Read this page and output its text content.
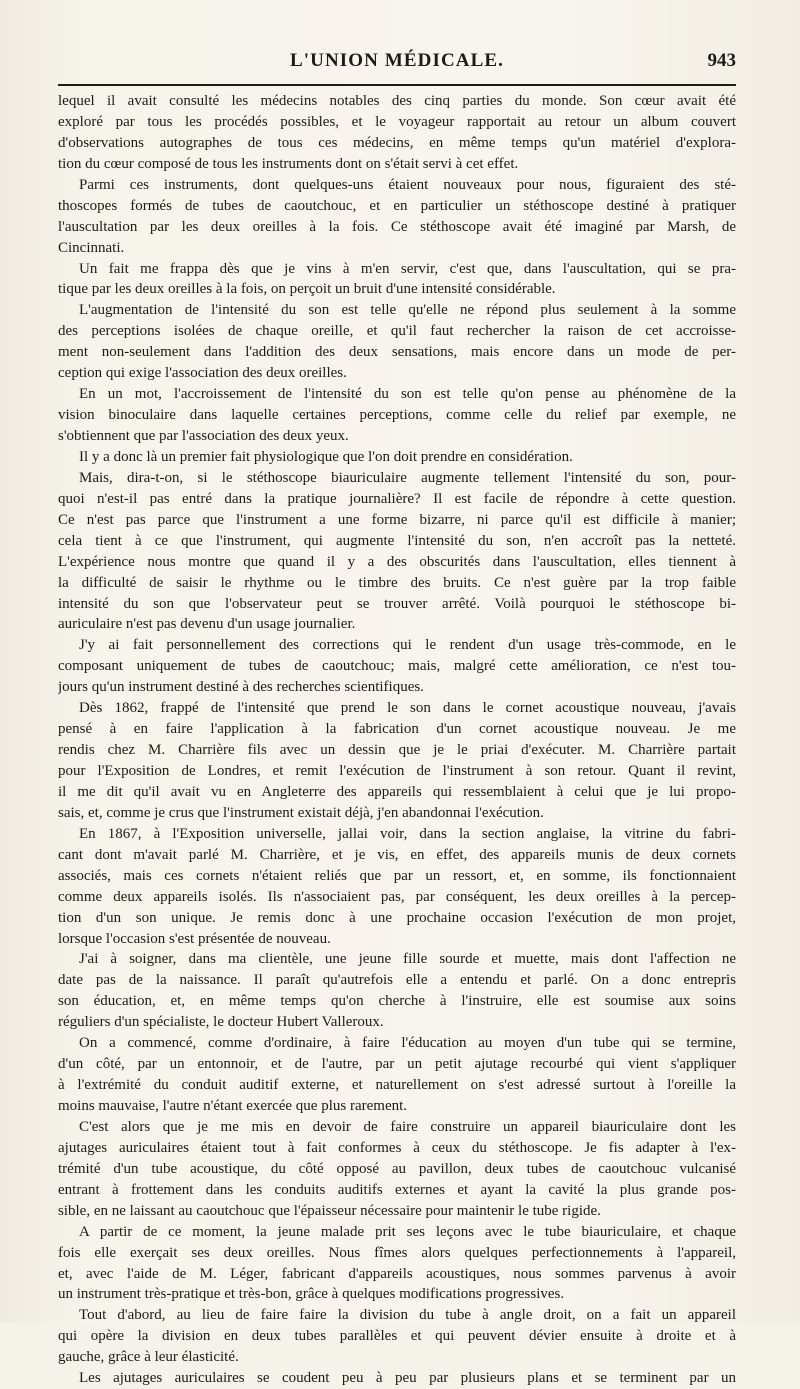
L'UNION MÉDICALE.	943
lequel il avait consulté les médecins notables des cinq parties du monde. Son cœur avait été
exploré par tous les procédés possibles, et le voyageur rapportait au retour un album couvert
d'observations autographes de tous ces médecins, en même temps qu'un matériel d'explora-
tion du cœur composé de tous les instruments dont on s'était servi à cet effet.
Parmi ces instruments, dont quelques-uns étaient nouveaux pour nous, figuraient des sté-
thoscopes formés de tubes de caoutchouc, et en particulier un stéthoscope destiné à pratiquer
l'auscultation par les deux oreilles à la fois. Ce stéthoscope avait été imaginé par Marsh, de
Cincinnati.
Un fait me frappa dès que je vins à m'en servir, c'est que, dans l'auscultation, qui se pra-
tique par les deux oreilles à la fois, on perçoit un bruit d'une intensité considérable.
L'augmentation de l'intensité du son est telle qu'elle ne répond plus seulement à la somme
des perceptions isolées de chaque oreille, et qu'il faut rechercher la raison de cet accroisse-
ment non-seulement dans l'addition des deux sensations, mais encore dans un mode de per-
ception qui exige l'association des deux oreilles.
En un mot, l'accroissement de l'intensité du son est telle qu'on pense au phénomène de la
vision binoculaire dans laquelle certaines perceptions, comme celle du relief par exemple, ne
s'obtiennent que par l'association des deux yeux.
Il y a donc là un premier fait physiologique que l'on doit prendre en considération.
Mais, dira-t-on, si le stéthoscope biauriculaire augmente tellement l'intensité du son, pour-
quoi n'est-il pas entré dans la pratique journalière? Il est facile de répondre à cette question.
Ce n'est pas parce que l'instrument a une forme bizarre, ni parce qu'il est difficile à manier;
cela tient à ce que l'instrument, qui augmente l'intensité du son, n'en accroît pas la netteté.
L'expérience nous montre que quand il y a des obscurités dans l'auscultation, elles tiennent à
la difficulté de saisir le rhythme ou le timbre des bruits. Ce n'est guère par la trop faible
intensité du son que l'observateur peut se trouver arrêté. Voilà pourquoi le stéthoscope bi-
auriculaire n'est pas devenu d'un usage journalier.
J'y ai fait personnellement des corrections qui le rendent d'un usage très-commode, en le
composant uniquement de tubes de caoutchouc; mais, malgré cette amélioration, ce n'est tou-
jours qu'un instrument destiné à des recherches scientifiques.
Dès 1862, frappé de l'intensité que prend le son dans le cornet acoustique nouveau, j'avais
pensé à en faire l'application à la fabrication d'un cornet acoustique nouveau. Je me
rendis chez M. Charrière fils avec un dessin que je le priai d'exécuter. M. Charrière partait
pour l'Exposition de Londres, et remit l'exécution de l'instrument à son retour. Quant il revint,
il me dit qu'il avait vu en Angleterre des appareils qui ressemblaient à celui que je lui propo-
sais, et, comme je crus que l'instrument existait déjà, j'en abandonnai l'exécution.
En 1867, à l'Exposition universelle, jallai voir, dans la section anglaise, la vitrine du fabri-
cant dont m'avait parlé M. Charrière, et je vis, en effet, des appareils munis de deux cornets
associés, mais ces cornets n'étaient reliés que par un ressort, et, en somme, ils fonctionnaient
comme deux appareils isolés. Ils n'associaient pas, par conséquent, les deux oreilles à la percep-
tion d'un son unique. Je remis donc à une prochaine occasion l'exécution de mon projet,
lorsque l'occasion s'est présentée de nouveau.
J'ai à soigner, dans ma clientèle, une jeune fille sourde et muette, mais dont l'affection ne
date pas de la naissance. Il paraît qu'autrefois elle a entendu et parlé. On a donc entrepris
son éducation, et, en même temps qu'on cherche à l'instruire, elle est soumise aux soins
réguliers d'un spécialiste, le docteur Hubert Valleroux.
On a commencé, comme d'ordinaire, à faire l'éducation au moyen d'un tube qui se termine,
d'un côté, par un entonnoir, et de l'autre, par un petit ajutage recourbé qui vient s'appliquer
à l'extrémité du conduit auditif externe, et naturellement on s'est adressé surtout à l'oreille la
moins mauvaise, l'autre n'étant exercée que plus rarement.
C'est alors que je me mis en devoir de faire construire un appareil biauriculaire dont les
ajutages auriculaires étaient tout à fait conformes à ceux du stéthoscope. Je fis adapter à l'ex-
trémité d'un tube acoustique, du côté opposé au pavillon, deux tubes de caoutchouc vulcanisé
entrant à frottement dans les conduits auditifs externes et ayant la cavité la plus grande pos-
sible, en ne laissant au caoutchouc que l'épaisseur nécessaire pour maintenir le tube rigide.
A partir de ce moment, la jeune malade prit ses leçons avec le tube biauriculaire, et chaque
fois elle exerçait ses deux oreilles. Nous fîmes alors quelques perfectionnements à l'appareil,
et, avec l'aide de M. Léger, fabricant d'appareils acoustiques, nous sommes parvenus à avoir
un instrument très-pratique et très-bon, grâce à quelques modifications progressives.
Tout d'abord, au lieu de faire faire la division du tube à angle droit, on a fait un appareil
qui opère la division en deux tubes parallèles et qui peuvent dévier ensuite à droite et à
gauche, grâce à leur élasticité.
Les ajutages auriculaires se coudent peu à peu par plusieurs plans et se terminent par un
